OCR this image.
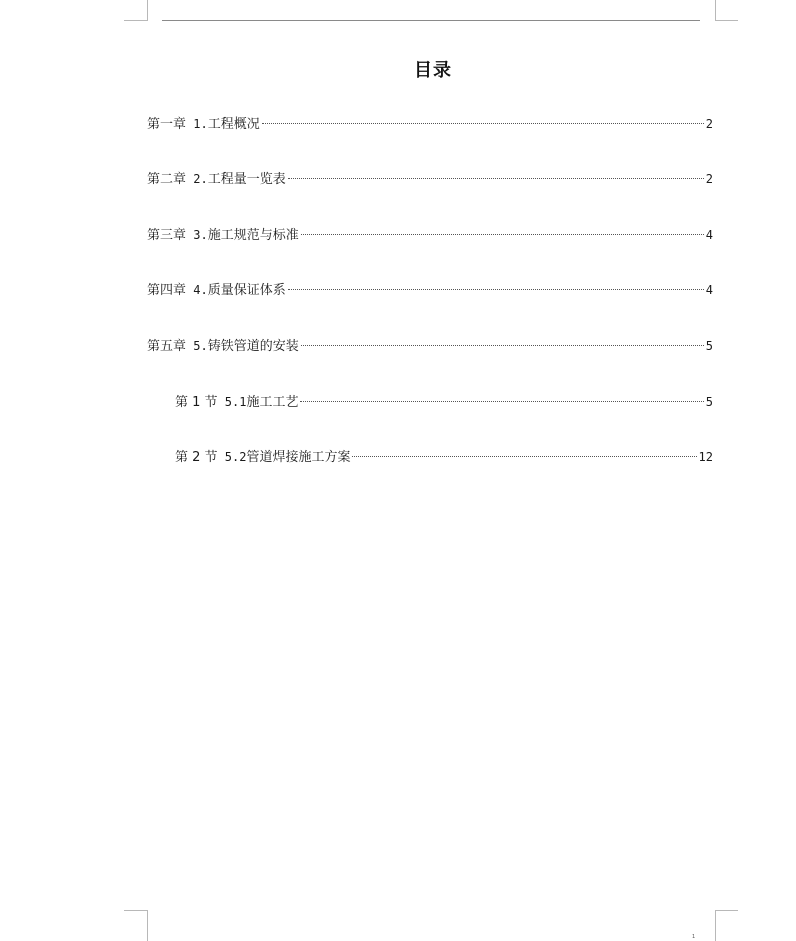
目录
第一章 1. 工程概况	2
第二章 2. 工程量一览表	2
第三章 3. 施工规范与标准	4
第四章 4. 质量保证体系	4
第五章 5. 铸铁管道的安装	5
第 1 节 5.1 施工工艺	5
第 2 节 5.2 管道焊接施工方案	12
1
